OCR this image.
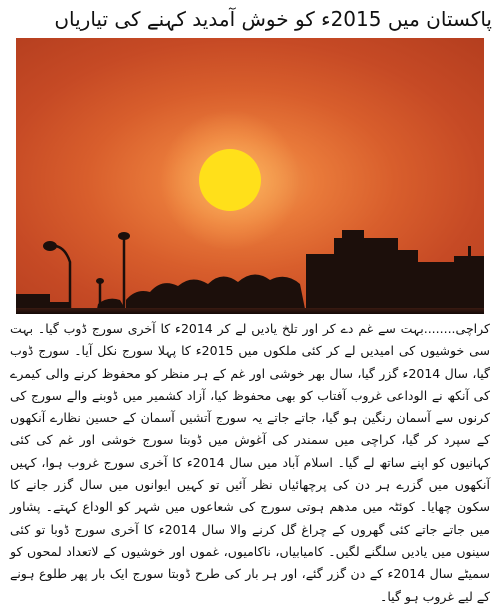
پاکستان میں 2015ء کو خوش آمدید کہنے کی تیاریاں

کراچی........بہت سے غم دے کر اور تلخ یادیں لے کر 2014ء کا آخری سورج ڈوب گیا۔ بہت سی خوشیوں کی امیدیں لے کر کئی ملکوں میں 2015ء کا پہلا سورج نکل آیا۔ سورج ڈوب گیا، سال 2014ء گزر گیا، سال بھر خوشی اور غم کے ہر منظر کو محفوظ کرنے والی کیمرے کی آنکھ نے الوداعی غروب آفتاب کو بھی محفوظ کیا، آزاد کشمیر میں ڈوبنے والے سورج کی کرنوں سے آسمان رنگین ہو گیا، جاتے جاتے یہ سورج آتشیں آسمان کے حسین نظارے آنکھوں کے سپرد کر گیا، کراچی میں سمندر کی آغوش میں ڈوبتا سورج خوشی اور غم کی کئی کہانیوں کو اپنے ساتھ لے گیا۔ اسلام آباد میں سال 2014ء کا آخری سورج غروب ہوا، کہیں آنکھوں میں گزرے ہر دن کی پرچھائیاں نظر آئیں تو کہیں ایوانوں میں سال گزر جانے کا سکون چھایا۔ کوئٹہ میں مدھم ہوتی سورج کی شعاعوں میں شہر کو الوداع کہتے۔ پشاور میں جاتے جاتے کئی گھروں کے چراغ گل کرنے والا سال 2014ء کا آخری سورج ڈوبا تو کئی سینوں میں یادیں سلگنے لگیں۔ کامیابیاں، ناکامیوں، غموں اور خوشیوں کے لاتعداد لمحوں کو سمیٹے سال 2014ء کے دن گزر گئے، اور ہر بار کی طرح ڈوبتا سورج ایک بار پھر طلوع ہونے کے لیے غروب ہو گیا۔
